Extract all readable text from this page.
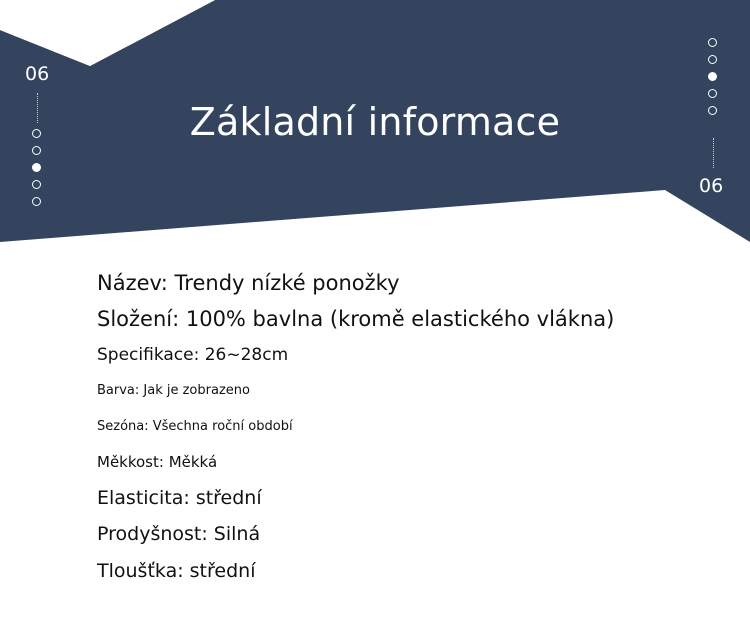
06
Základní informace
06
Název: Trendy nízké ponožky
Složení: 100% bavlna (kromě elastického vlákna)
Specifikace: 26~28cm
Barva: Jak je zobrazeno
Sezóna: Všechna roční období
Měkkost: Měkká
Elasticita: střední
Prodyšnost: Silná
Tloušťka: střední
